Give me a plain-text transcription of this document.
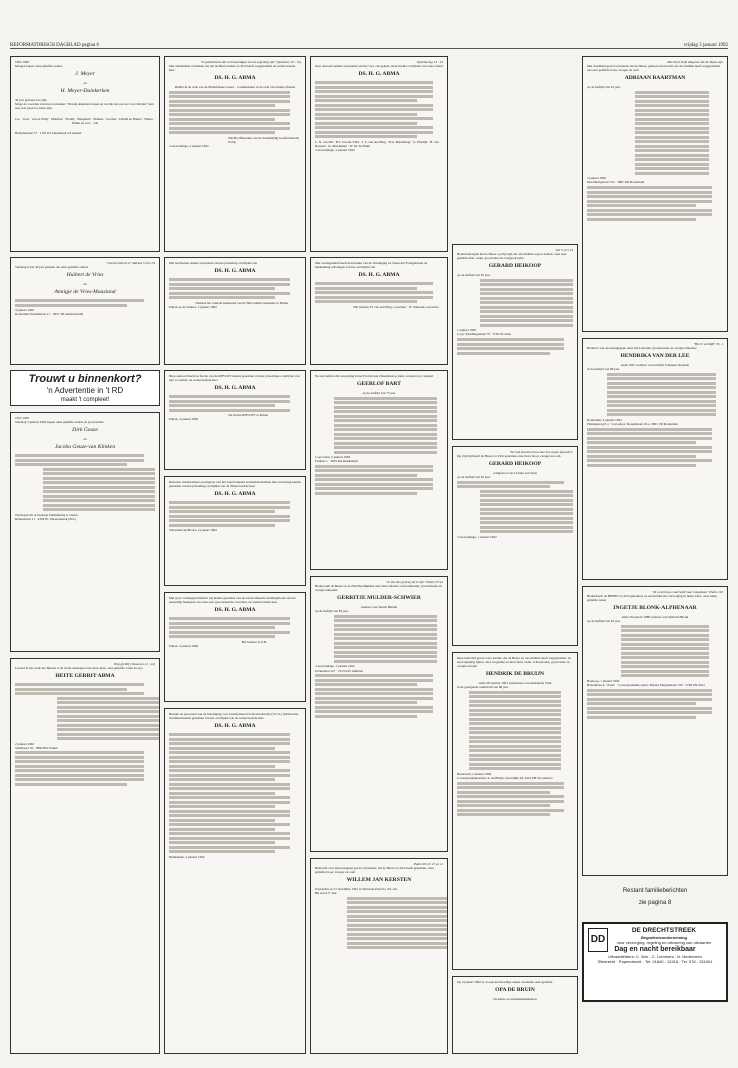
REFORMATORISCH DAGBLAD pagina 6	vrijdag 3 januari 1992
1962 1992
Morgen hopen onze geliefde ouders
J. Meyer
en
H. Meyer-Duinkerken
30 jaar getrouwd te zijn.
Moge de woorden van hun trouwtekst: "Draagt elkanders lasten en vervult alzo de wet van Christus" hun nog vele jaren tot steun zijn.
Lia · Joost · Jan en Willy · Matthias · Freddy · Benjamin · Nelleke · Jacobus · Daniël en Hanna · Simon · Esther en Jaco · Job
Heleniusbaan 37 · 1191 KT Ouderkerk a/d Amstel
"Geloof allereerst" Markus 5 vers 34
Vandaag is het 40 jaar geleden dat onze geliefde ouders
Huibert de Vries
en
Annigje de Vries-Maasland
3 januari 1992
Rotterdam Vondelstraat 11 · 2951 TR Alblasserdam
Trouwt u binnenkort?
'n Advertentie in 't RD
maakt 't compleet!
1952 1992
Vandaag 3 januari 1992 hopen onze geliefde ouders en grootouders
Dirk Geuze
en
Jacoba Geuze-van Klinken
Wij hopen dit in besloten familiekring te vieren.
Ruitenstraat 11 · 4356 EC Nieuwerkerk (Zld.)
Volg gij Mij (Johannes 21 : 22)
Levend in het werk des Heeren is de vrede ontslapen onze lieve man, onze geliefde vader en opa
HEITE GERRIT ABMA
2 januari 1992
Veldhoeve 32 · 3882 BW Putten
"Je gedachtenis des rechtvaardigen zal tot zegening zijn" (Spreuken 10 : 7a)
Met ontsteltenis vernamen wij dat de Heere heden tot Zich heeft weggenomen de weleerwaarde heer
DS. H. G. ABMA
Ridder in de orde van de Nederlandse Leeuw · Commandeur in de orde van Oranje-Nassau
Het Hoofdbestuur van de Staatkundig Gereformeerde Partij
's-Gravenhage, 2 januari 1992
Met leedwezen namen wij kennis van het plotseling overlijden van
DS. H. G. ABMA
Namens het centraal kerkeraad van de Hervormde Gemeente te Putten
Putten op de Veluwe, 2 januari 1992
Diep ontroerd heeft de fractie van de RPF/GPV kennis genomen van het plotselinge overlijden van zijn voorzitter, de weleerwaarde heer
DS. H. G. ABMA
De fractie RPF/GPV te Putten
Putten, 2 januari 1992
Redactie, medewerkers en uitgever van het Gereformeerd Gezinsblad hebben met ontroering kennis genomen van het plotseling overlijden van de Weleerwaarde heer
DS. H. G. ABMA
Schoonhoven/Hoorn, 2 januari 1992
Met groot verlangend hebben wij kennis genomen van de Gereformeerde Zendingsbond van het plotseling heengaan van onze zeer gewaardeerde voorzitter, de weleerwaarde heer
DS. H. G. ABMA
Het bestuur G.Z.B.
Putten, 2 januari 1992
Bestuur en personeel van de Vereniging voor Gereformeerd Schoolonderwijs (V.G.S.) hebben met droefheid kennis genomen van het overlijden van de weleerwaarde heer
DS. H. G. ABMA
Ridderkerk, 2 januari 1992
Openbaring 14 : 13
Zeer ontroerd namen wij kennis van het voor ons geheel onverwachts overlijden van onze vriend
DS. H. G. ABMA
C. N. van Dis · B.J. van der Vlies · J. T. van den Berg · H.G. Barendregt · G. Holdijk · H. van Rossum · K. Mesdeman · W. M. de Bruin
's-Gravenhage, 2 januari 1992
Met verslagenheid heeft het bestuur van de Vereniging tot Steun der Evangelisatie de mededeling ontvangen van het overlijden van
DS. H. G. ABMA
Het bestuur, H. van den Berg, voorzitter · D. Verkaaik, secretaris
Na een liefdevolle verzorging in het Provinciaal Ziekenhuis te Zeist overleed op 2 januari
GEERLOF BART
op de leeftijd van 75 jaar
Coevorden, 5 januari 1992
Postbus 1 · 2601 RA Ridderkerk
"Je Zal den geheeg bij U zijn" Psalm 73:12
Heden nam de Heere op in Zijn Heerlijkheid onze lieve moeder, schoonmoeder, grootmoeder en overgrootmoeder
GERRITJE MULDER-SCHWIER
weduwe van Teunis Mulder
op de leeftijd van 83 jaar.
's-Gravenhage, 2 januari 1992
Ursulaland 127 · 1613 KW Alkmaar
Psalm 90:13, 15 en 11
Bedroefd over zijn heengaan geven wij kennis, dat de Heere tot Zich heeft genomen, onze geliefde broer, zwager en oom
WILLEM JAN KERSTEN
Overleden op 27 december 1991 te Silverton-Pretoria, Zd. Afr.
Hij werd 77 jaar.
Job 5 vers 19
Heden behaagde het de Heere op Zijn tijd, uit ons midden weg te nemen, onze zeer geliefde man, vader, grootvader en overgrootvader
GERARD HEIKOOP
op de leeftijd van 65 jaar.
1 januari 1992
Corp. Schellingerlaan 79 · 3702 XI Zeist
"Ik God zal allo trouw aan hun zegen afwenten"
Op Zijn tijd heeft de Heere tot Zich genomen onze lieve broer, zwager en oom
GERARD HEIKOOP
echtgenoot van Clasina van Veen
op de leeftijd van 65 jaar.
's-Gravenhage, 1 januari 1992
Diep bedroefd geven wij u kennis, dat de Heere tot ons midden heeft weggenomen, na een langdurig lijden, onze zorgzame en lieve man, vader, schoonvader, grootvader en overgrootvader
HENDRIK DE BRUIJN
sinds 28 oktober 1991 weduwnaar van Adrianette Vink
in de gezegende ouderdom van 86 jaar.
Barneveld, 2 januari 1992
Correspondentieadres: A. de Bruijn, Noorddijk 26, 4225 PH Noordeloos
Op 2 januari 1992 is, na een kortstondige ziekte overleden onze geliefde
OPA DE BRUIN
De klein- en achterkleinkinderen
Met dorst heeft diegenen die de Tijnes zijn
Met droefheid geven wij kennis dat de Heere, geheel onverwacht, uit ons midden heeft weggenomen ons zeer geliefde broer, zwager en oom
ADRIAAN BAARTMAN
op de leeftijd van 81 jaar.
2 januari 1992
Den Hertigstraat 72a · 3081 KD Rotterdam
"Het U verblijft" Ps. 1
Heden is van ons heengegaan onze lieve moeder, grootmoeder en overgrootmoeder
HENDRIKA VAN DER LEE
sinds 1961 weduwe van Gottlieb Johannes Ornstein
in de leeftijd van 86 jaar.
Rotterdam, 2 januari 1992
Plantageweg 6 a · Corr.adres: Rosemalaan 18-a, 3061 VR Rotterdam
"Ik u vertrouw, God heeft haar toegedaan" Psalm 116
Heden heeft de HEERE tot Zich genomen, na een liefdevolle verzorging in huize Zeist, onze innig geliefde zuster
INGETJE BLONK-ALPHENAAR
sinds 29 januari 1988 weduwe van Sijbrand Blonk
op de leeftijd van 92 jaar.
Boskoop, 1 januari 1992
Bosuinlaan 4, "Zeist" · Correspondentie-adres: Prinses Margrietlaan 195 · 2708 ZN Zeist
Restant familieberichten
zie pagina 8
DD
DE DRECHTSTREEK
Begrafenisonderneming
voor verzorging, regeling en uitvoering van uitvaarten
Dag en nacht bereikbaar
Uitvaartleiders: C. Wor - C. Lommers - N. Nederveen
Sliedrecht · Papendrecht · Tel. 01840 - 12418 · Tel. 078 - 151941
